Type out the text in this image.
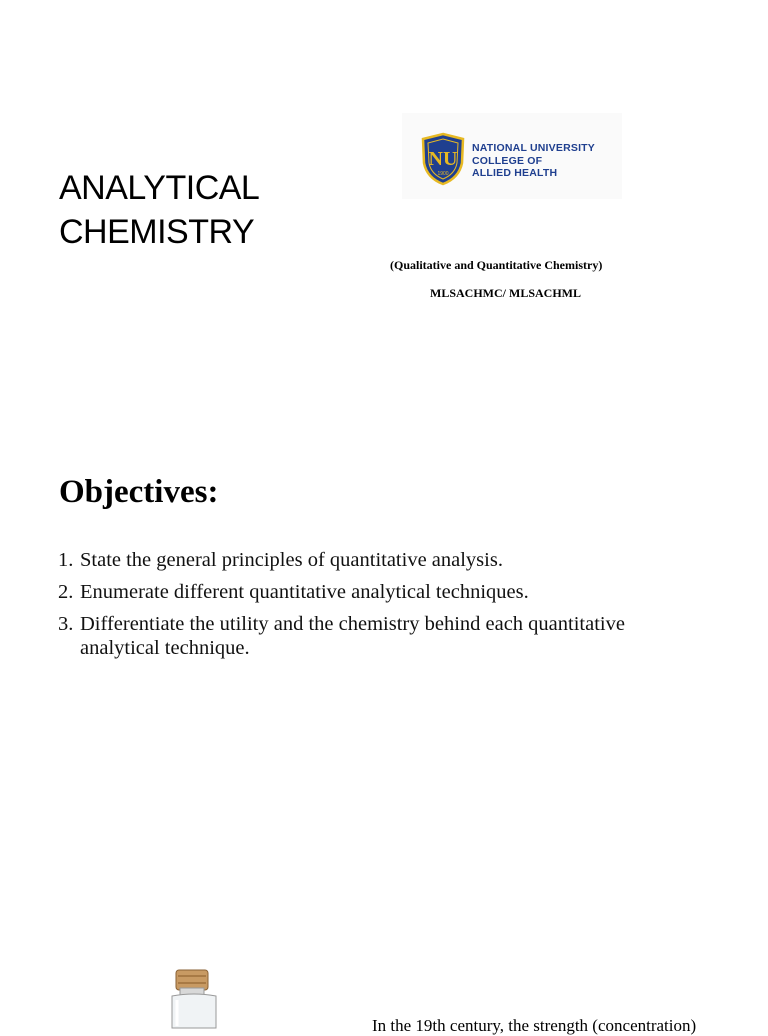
ANALYTICAL
CHEMISTRY
NU
1900
NATIONAL UNIVERSITY
COLLEGE OF
ALLIED HEALTH
(Qualitative and Quantitative Chemistry)
MLSACHMC/ MLSACHML
Objectives:
1. State the general principles of quantitative analysis.
2. Enumerate different quantitative analytical techniques.
3. Differentiate the utility and the chemistry behind each quantitative analytical technique.
In the 19th century, the strength (concentration)
